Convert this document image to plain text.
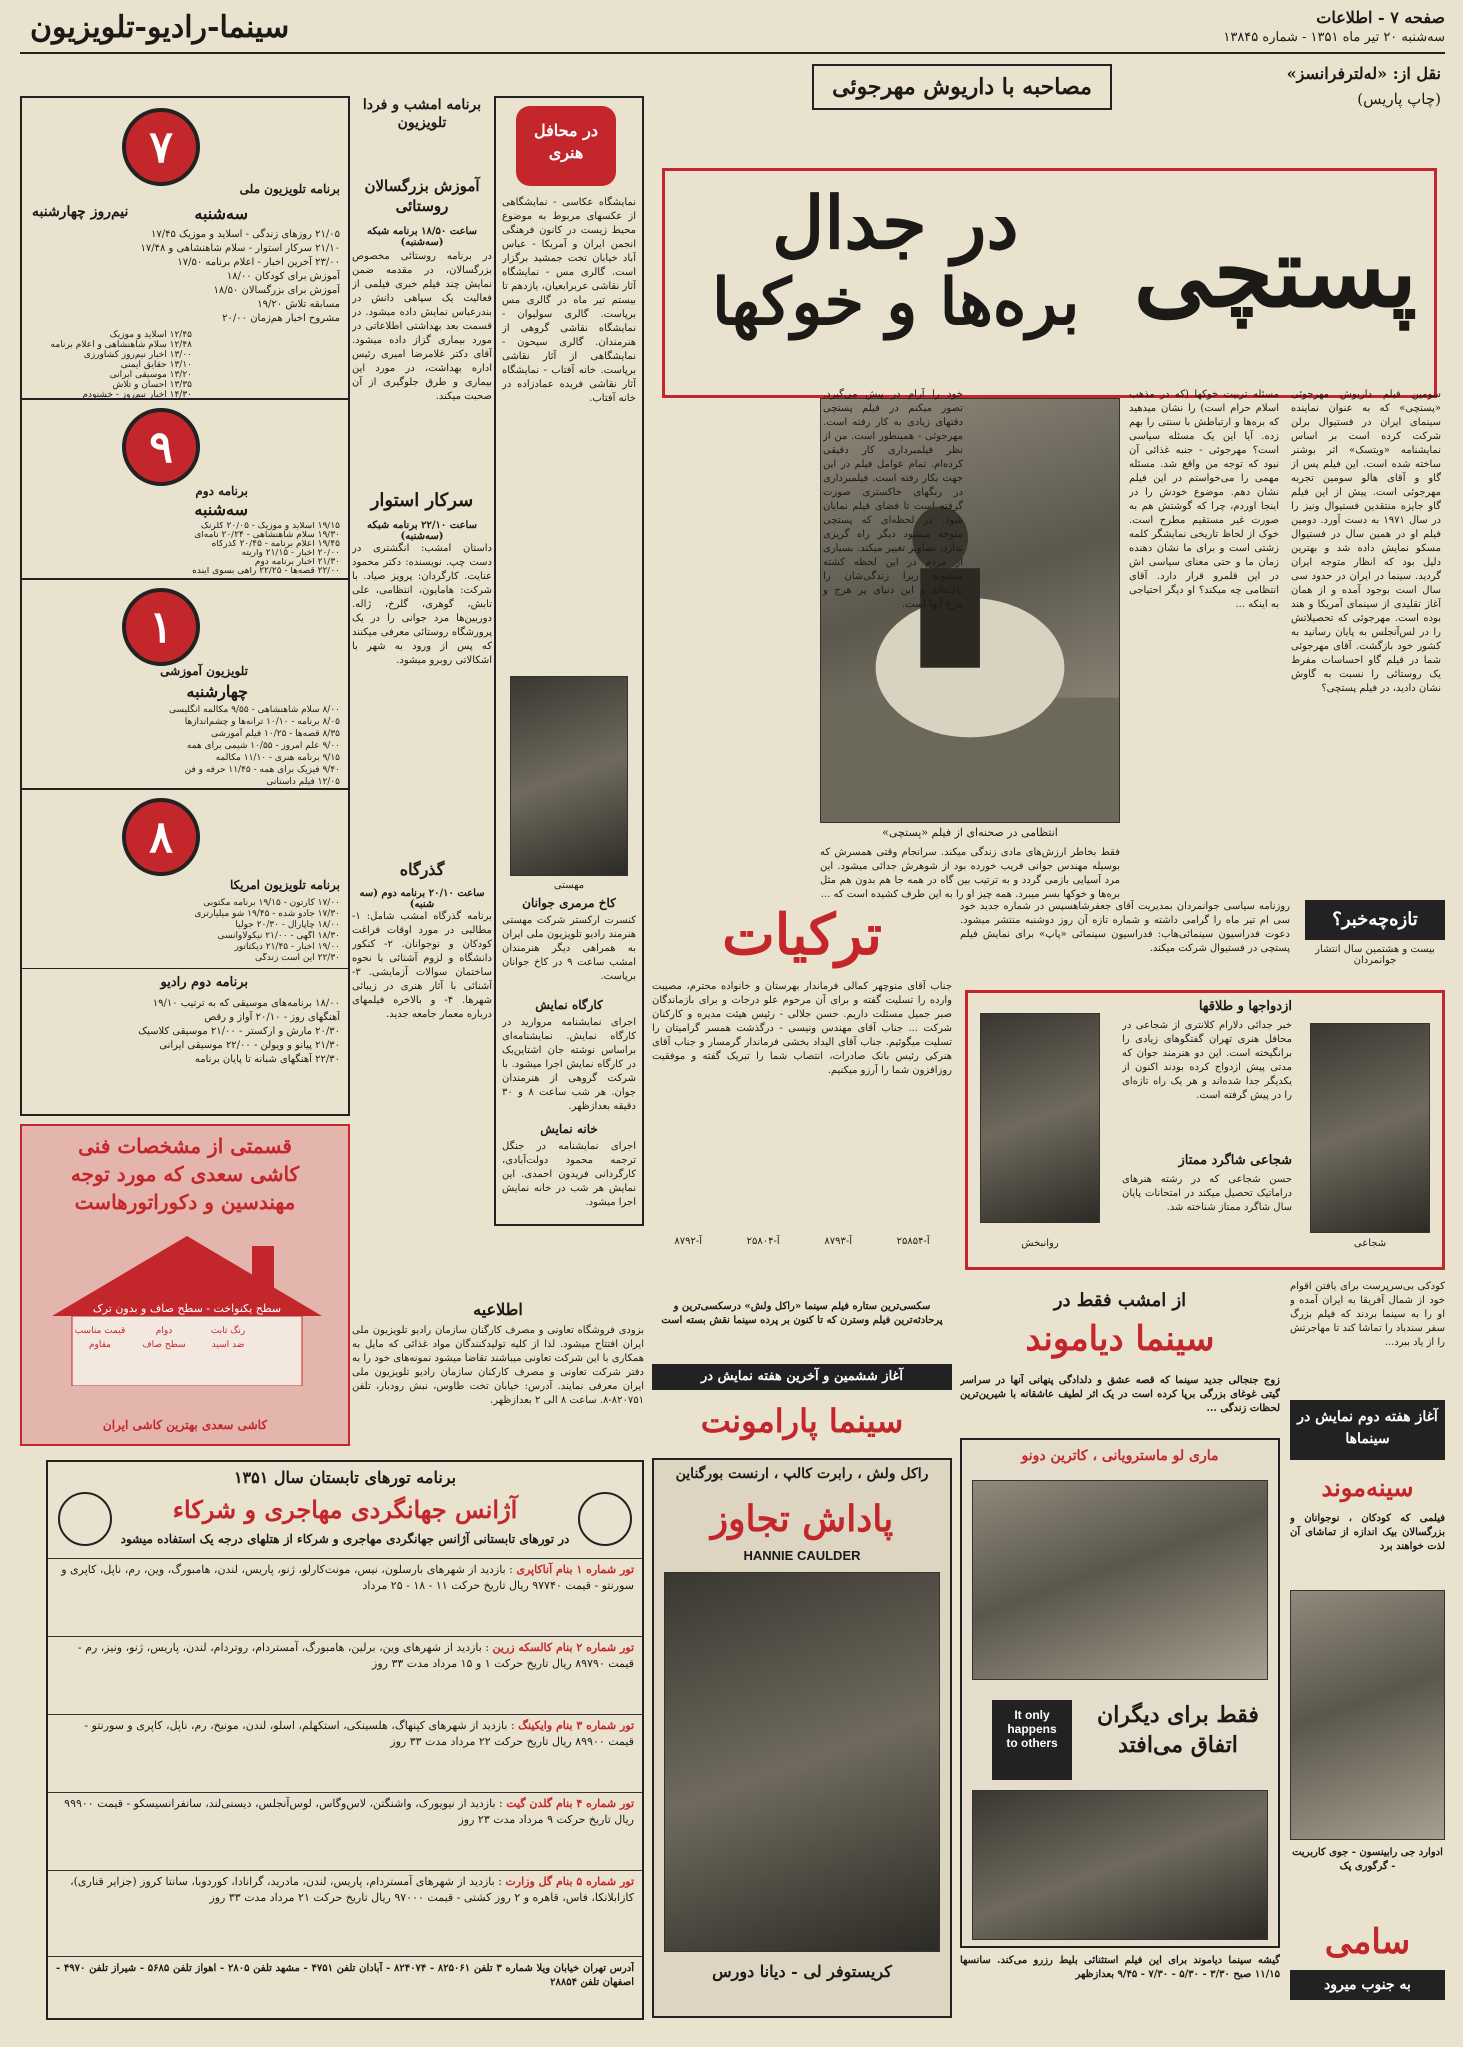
صفحه ۷ - اطلاعات
سه‌شنبه ۲۰ تیر ماه ۱۳۵۱ - شماره ۱۳۸۴۵
سینما-رادیو-تلویزیون
نقل از: «لەلترفرانسز»
(چاپ پاریس)
مصاحبه با داریوش مهرجوئی
پستچی
در جدال
بره‌ها و خوکها
سومین فیلم داریوش مهرجوئی «پستچی» که به عنوان نماینده سینمای ایران در فستیوال برلن شرکت کرده است بر اساس نمایشنامه «ویتسک» اثر بوشنر ساخته شده است. این فیلم پس از گاو و آقای هالو سومین تجربه مهرجوئی است. پیش از این فیلم گاو جایزه منتقدین فستیوال ونیز را در سال ۱۹۷۱ به دست آورد. دومین فیلم او در همین سال در فستیوال مسکو نمایش داده شد و بهترین دلیل بود که انظار متوجه ایران گردید. سینما در ایران در حدود سی سال است بوجود آمده و از همان آغاز تقلیدی از سینمای آمریکا و هند بوده است. مهرجوئی که تحصیلاتش را در لس‌آنجلس به پایان رسانید به کشور خود بازگشت. آقای مهرجوئی شما در فیلم گاو احساسات مفرط یک روستائی را نسبت به گاوش نشان دادید، در فیلم پستچی؟
مسئله تربیت خوکها (که در مذهب اسلام حرام است) را نشان میدهید که بره‌ها و ارتباطش با سنتی را بهم زده. آیا این یک مسئله سیاسی است؟ مهرجوئی - جنبه غذائی آن نبود که توجه من واقع شد. مسئله مهمی را می‌خواستم در این فیلم نشان دهم. موضوع خودش را در اینجا اوردم، چرا که گوشتش هم به صورت غیر مستقیم مطرح است. خوک از لحاظ تاریخی نمایشگر کلمه زشتی است و برای ما نشان دهنده زمان ما و حتی معنای سیاسی اش در این قلمرو قرار دارد. آقای انتظامی چه میکند؟ او دیگر احتیاجی به اینکه ...
انتظامی در صحنه‌ای از فیلم «پستچی»
خود را آرام در پیش می‌گیرد. تصور میکنم در فیلم پستچی دقتهای زیادی به کار رفته است. مهرجوئی - همینطور است. من از نظر فیلمبرداری کار دقیقی کرده‌ام. تمام عوامل فیلم در این جهت بکار رفته است. فیلمبرداری در رنگهای خاکستری صورت گرفته است تا فضای فیلم نمایان شود. در لحظه‌ای که پستچی متوجه میشود دیگر راه گریزی ندارد، تصاویر تغییر میکند. بسیاری از مردم در این لحظه کشته میشوند زیرا زندگی‌شان را باخته‌اند و این دنیای پر هرج و مرج آنها است.
فقط بخاطر ارزش‌های مادی زندگی میکند. سرانجام وقتی همسرش که بوسیله مهندس جوانی فریب خورده بود از شوهرش جدائی میشود. این مرد آسیایی بازمی گردد و به ترتیب بین گاه در همه جا هم بدون هم مثل بره‌ها و خوکها بسر میبرد. همه چیز او را به این طرف کشیده است که ...
۷
برنامه تلویزیون ملی
سه‌شنبه
۲۱/۰۵ روزهای زندگی - اسلاید و موزیک ۱۷/۴۵
۲۱/۱۰ سرکار استوار - سلام شاهنشاهی و ۱۷/۴۸
۲۳/۰۰ آخرین اخبار - اعلام برنامه ۱۷/۵۰
آموزش برای کودکان ۱۸/۰۰
آموزش برای بزرگسالان ۱۸/۵۰
مسابقه تلاش ۱۹/۲۰
مشروح اخبار هم‌زمان ۲۰/۰۰
نیم‌روز چهارشنبه
۱۲/۴۵ اسلاید و موزیک
۱۲/۴۸ سلام شاهنشاهی و اعلام برنامه
۱۳/۰۰ اخبار نیم‌روز کشاورزی
۱۳/۱۰ حقایق ایمنی
۱۳/۲۰ موسیقی ایرانی
۱۳/۳۵ احسان و تلاش
۱۴/۳۰ اخبار نیم‌روز - خشنودم
۹
برنامه دوم
سه‌شنبه
۱۹/۱۵ اسلاید و موزیک - ۲۰/۰۵ گلرنگ
۱۹/۳۰ سلام شاهنشاهی - ۲۰/۲۴ نامه‌ای
۱۹/۴۵ اعلام برنامه - ۲۰/۴۵ گذرگاه
۲۰/۰۰ اخبار - ۲۱/۱۵ واریته
۲۱/۳۰ اخبار برنامه دوم
۲۲/۰۰ قصه‌ها - ۲۲/۲۵ راهی بسوی آینده
۱
تلویزیون آموزشی
چهارشنبه
۸/۰۰ سلام شاهنشاهی - ۹/۵۵ مکالمه انگلیسی
۸/۰۵ برنامه - ۱۰/۱۰ ترانه‌ها و چشم‌اندازها
۸/۳۵ قصه‌ها - ۱۰/۲۵ فیلم آموزشی
۹/۰۰ علم امروز - ۱۰/۵۵ شیمی برای همه
۹/۱۵ برنامه هنری - ۱۱/۱۰ مکالمه
۹/۴۰ فیزیک برای همه - ۱۱/۴۵ حرفه و فن
۱۲/۰۵ فیلم داستانی
۸
برنامه تلویزیون امریکا
۱۷/۰۰ کارتون - ۱۹/۱۵ برنامه مکتوبی
۱۷/۳۰ جادو شده - ۱۹/۴۵ شو میلیارتری
۱۸/۰۰ چاپارال - ۲۰/۳۰ جولیا
۱۸/۳۰ آگهی - ۲۱/۰۰ نیکولاوانسی
۱۹/۰۰ اخبار - ۲۱/۴۵ دیکتاتور
۲۲/۳۰ این است زندگی
برنامه دوم رادیو
۱۸/۰۰ برنامه‌های موسیقی که به ترتیب ۱۹/۱۰
آهنگهای روز - ۲۰/۱۰ آواز و رقص
۲۰/۳۰ مارش و ارکستر - ۲۱/۰۰ موسیقی کلاسیک
۲۱/۳۰ پیانو و ویولن - ۲۲/۰۰ موسیقی ایرانی
۲۲/۳۰ آهنگهای شبانه تا پایان برنامه
برنامه امشب و فردا تلویزیون
آموزش بزرگسالان روستائی
ساعت ۱۸/۵۰ برنامه شبکه (سه‌شنبه)
در برنامه روستائی مخصوص بزرگسالان، در مقدمه ضمن نمایش چند فیلم خبری فیلمی از فعالیت یک سپاهی دانش در بندرعباس نمایش داده میشود. در قسمت بعد بهداشتی اطلاعاتی در مورد بیماری گزاز داده میشود. آقای دکتر غلامرضا امیری رئیس اداره بهداشت، در مورد این بیماری و طرق جلوگیری از آن صحبت میکند.
سرکار استوار
ساعت ۲۲/۱۰ برنامه شبکه (سه‌شنبه)
داستان امشب: انگشتری در دست چپ. نویسنده: دکتر محمود عنایت. کارگردان: پرویز صیاد. با شرکت: هامایون، انتظامی، علی تابش، گوهری، گلرخ، ژاله. دوربین‌ها مرد جوانی را در یک پرورشگاه روستائی معرفی میکنند که پس از ورود به شهر با اشکالاتی روبرو میشود.
گذرگاه
ساعت ۲۰/۱۰ برنامه دوم (سه شنبه)
برنامه گذرگاه امشب شامل: ۱- مطالبی در مورد اوقات فراغت کودکان و نوجوانان. ۲- کنکور دانشگاه و لزوم آشنائی با نحوه ساختمان سوالات آزمایشی. ۳- آشنائی با آثار هنری در زیبائی شهرها. ۴- و بالاخره فیلمهای درباره معمار جامعه جدید.
در محافل هنری
نمایشگاه عکاسی - نمایشگاهی از عکسهای مربوط به موضوع محیط زیست در کانون فرهنگی انجمن ایران و آمریکا - عباس آباد خیابان تخت جمشید برگزار است. گالری مس - نمایشگاه آثار نقاشی عربرابعیان، یازدهم تا بیستم تیر ماه در گالری مس برپاست. گالری سولیوان - نمایشگاه نقاشی گروهی از هنرمندان. گالری سیحون - نمایشگاهی از آثار نقاشی برپاست. خانه آفتاب - نمایشگاه آثار نقاشی فریده عمادزاده در خانه آفتاب.
مهستی
کاخ مرمری جوانان
کنسرت ارکستر شرکت مهستی هنرمند رادیو تلویزیون ملی ایران به همراهی دیگر هنرمندان امشب ساعت ۹ در کاخ جوانان برپاست.
کارگاه نمایش
اجرای نمایشنامه مروارید در کارگاه نمایش. نمایشنامه‌ای براساس نوشته جان اشتاین‌بک در کارگاه نمایش اجرا میشود. با شرکت گروهی از هنرمندان جوان. هر شب ساعت ۸ و ۳۰ دقیقه بعدازظهر.
خانه نمایش
اجرای نمایشنامه در جنگل ترجمه محمود دولت‌آبادی، کارگردانی فریدون احمدی. این نمایش هر شب در خانه نمایش اجرا میشود.
قسمتی از مشخصات فنی
کاشی سعدی که مورد توجه
مهندسین و دکوراتورهاست
سطح یکنواخت - سطح صاف و بدون ترک
رنگ ثابت
دوام
قیمت مناسب
ضد اسید
سطح صاف
مقاوم
کاشی سعدی بهترین کاشی ایران
اطلاعیه
بزودی فروشگاه تعاونی و مصرف کارگنان سازمان رادیو تلویزیون ملی ایران افتتاح میشود. لذا از کلیه تولیدکنندگان مواد غذائی که مایل به همکاری با این شرکت تعاونی میباشند تقاضا میشود نمونه‌های خود را به دفتر شرکت تعاونی و مصرف کارکنان سازمان رادیو تلویزیون ملی ایران معرفی نمایند. آدرس: خیابان تخت طاوس، نبش رودبار، تلفن ۸۲۰۷۵۱-۸. ساعت ۸ الی ۲ بعدازظهر.
ترکیات
جناب آقای منوچهر کمالی فرماندار بهرستان و خانواده محترم، مصیبت وارده را تسلیت گفته و برای آن مرحوم علو درجات و برای بازماندگان صبر جمیل مسئلت داریم. حسن جلالی - رئیس هیئت مدیره و کارکنان شرکت ... جناب آقای مهندس ونیسی - درگذشت همسر گرامیتان را تسلیت میگوئیم. جناب آقای الیداد بخشی فرماندار گرمسار و جناب آقای هنرکی رئیس بانک صادرات، انتصاب شما را تبریک گفته و موفقیت روزافزون شما را آرزو میکنیم.
آ-۲۵۸۵۴
آ-۸۷۹۳
آ-۲۵۸۰۴
آ-۸۷۹۲
تازه‌چه‌خبر؟
بیست و هشتمین سال انتشار جوانمردان
روزنامه سیاسی جوانمردان بمدیریت آقای جعفرشاهسپس در شماره جدید خود سی ام تیر ماه را گرامی داشته و شماره تازه آن روز دوشنبه منتشر میشود. دعوت فدراسیون سینمائی‌هاب: فدراسیون سینمائی «پاپ» برای نمایش فیلم پستچی در فستیوال شرکت میکند.
شجاعی
روانبخش
ازدواجها و طلاقها
خبر جدائی دلارام کلانتری از شجاعی در محافل هنری تهران گفتگوهای زیادی را برانگیخته است. این دو هنرمند جوان که مدتی پیش ازدواج کرده بودند اکنون از یکدیگر جدا شده‌اند و هر یک راه تازه‌ای را در پیش گرفته است.
شجاعی شاگرد ممتاز
حسن شجاعی که در رشته هنرهای دراماتیک تحصیل میکند در امتحانات پایان سال شاگرد ممتاز شناخته شد.
کودکی بی‌سرپرست برای یافتن اقوام خود از شمال آفریقا به ایران آمده و او را به سینما بردند که فیلم بزرگ سفر سندباد را تماشا کند تا مهاجرتش را از یاد ببرد...
از امشب فقط در
سینما دیاموند
زوج جنجالی جدید سینما که قصه عشق و دلدادگی پنهانی آنها در سراسر گیتی غوغای بزرگی برپا کرده است در یک اثر لطیف عاشقانه با شیرین‌ترین لحظات زندگی ...
ماری لو ماسترویانی ، کاترین دونو
It only
happens
to others
فقط برای دیگران اتفاق می‌افتد
گیشه سینما دیاموند برای این فیلم استثنائی بلیط رزرو می‌کند. سانسها ۱۱/۱۵ صبح ۳/۳۰ - ۵/۳۰ - ۷/۳۰ - ۹/۴۵ بعدازظهر
سکسی‌ترین ستاره فیلم سینما «راکل ولش» درسکسی‌ترین و پرحادثه‌ترین فیلم وسترن که تا کنون بر پرده سینما نقش بسته است
آغاز ششمین و آخرین هفته نمایش در
سینما پارامونت
راکل ولش ، رابرت کالپ ، ارنست بورگناین
پاداش تجاوز
HANNIE CAULDER
کریستوفر لی - دیانا دورس
آغاز هفته دوم نمایش در سینماها
سینه‌موند
فیلمی که کودکان ، نوجوانان و بزرگسالان بیک اندازه از تماشای آن لذت خواهند برد
ادوارد جی رابینسون - جوی کاربریت - گرگوری پک
سامی
به جنوب میرود
برنامه تورهای تابستان سال ۱۳۵۱
آژانس جهانگردی مهاجری و شرکاء
در تورهای تابستانی آژانس جهانگردی مهاجری و شرکاء از هتلهای درجه یک استفاده میشود
تور شماره ۱ بنام آناکاپری : بازدید از شهرهای بارسلون، نیس، مونت‌کارلو، ژنو، پاریس، لندن، هامبورگ، وین، رم، ناپل، کاپری و سورنتو - قیمت ۹۷۷۴۰ ریال تاریخ حرکت ۱۱ - ۱۸ - ۲۵ مرداد
تور شماره ۲ بنام کالسکه زرین : بازدید از شهرهای وین، برلین، هامبورگ، آمستردام، روتردام، لندن، پاریس، ژنو، ونیز، رم - قیمت ۸۹۷۹۰ ریال تاریخ حرکت ۱ و ۱۵ مرداد مدت ۳۳ روز
تور شماره ۳ بنام وایکینگ : بازدید از شهرهای کپنهاگ، هلسینکی، استکهلم، اسلو، لندن، مونیخ، رم، ناپل، کاپری و سورنتو - قیمت ۸۹۹۰۰ ریال تاریخ حرکت ۲۲ مرداد مدت ۳۳ روز
تور شماره ۴ بنام گلدن گیت : بازدید از نیویورک، واشنگتن، لاس‌وگاس، لوس‌آنجلس، دیسنی‌لند، سانفرانسیسکو - قیمت ۹۹۹۰۰ ریال تاریخ حرکت ۹ مرداد مدت ۲۳ روز
تور شماره ۵ بنام گل وزارت : بازدید از شهرهای آمستردام، پاریس، لندن، مادرید، گرانادا، کوردوبا، سانتا کروز (جزایر قناری)، کازابلانکا، فاس، قاهره و ۲ روز کشتی - قیمت ۹۷۰۰۰ ریال تاریخ حرکت ۲۱ مرداد مدت ۳۳ روز
آدرس تهران خیابان ویلا شماره ۳ تلفن ۸۲۵۰۶۱ - ۸۲۴۰۷۴ - آبادان تلفن ۴۷۵۱ - مشهد تلفن ۲۸۰۵ - اهواز تلفن ۵۶۸۵ - شیراز تلفن ۴۹۷۰ - اصفهان تلفن ۲۸۸۵۴
